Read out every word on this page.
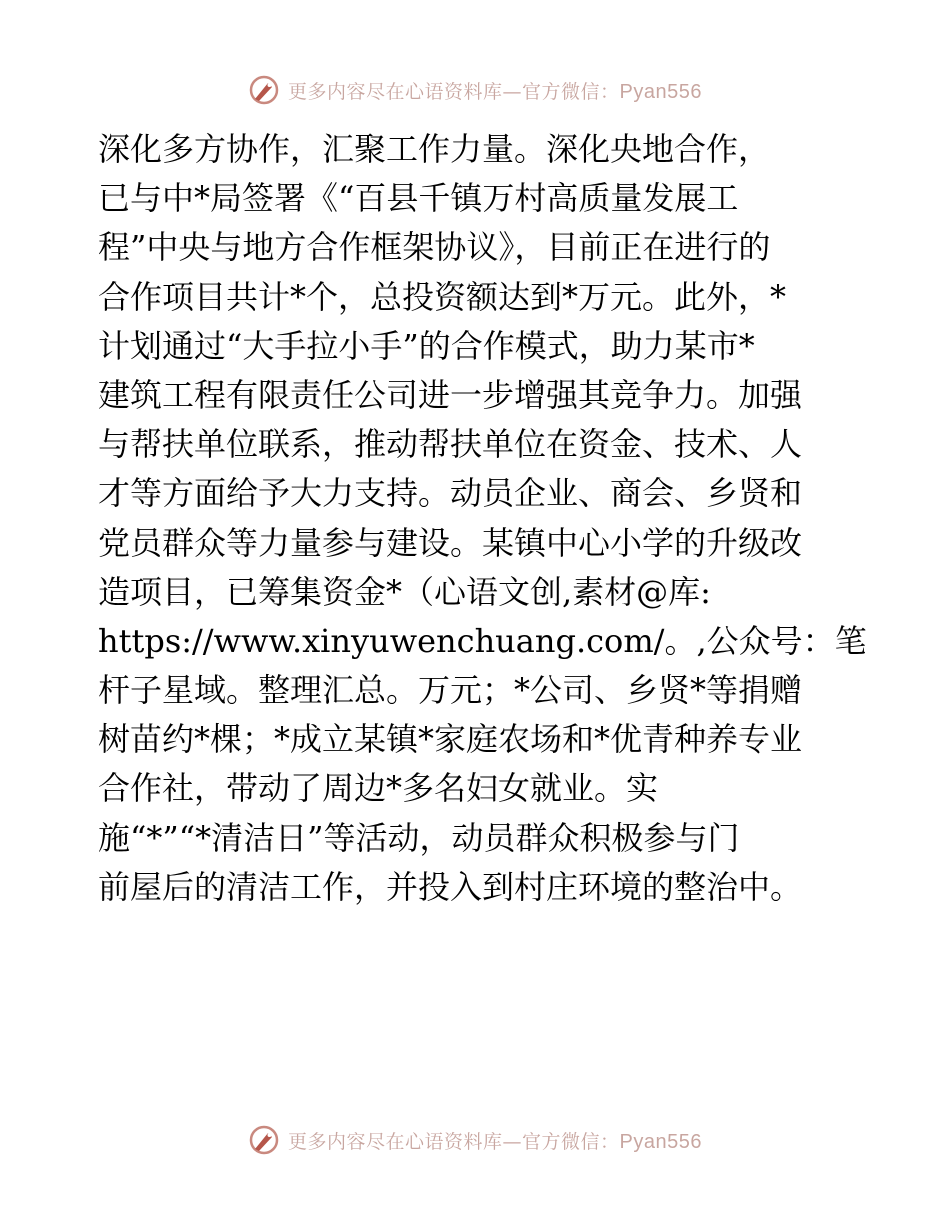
更多内容尽在心语资料库—官方微信：Pyan556
深化多方协作，汇聚工作力量。深化央地合作，
已与中*局签署《“百县千镇万村高质量发展工
程”中央与地方合作框架协议》，目前正在进行的
合作项目共计*个，总投资额达到*万元。此外，*
计划通过“大手拉小手”的合作模式，助力某市*
建筑工程有限责任公司进一步增强其竞争力。加强
与帮扶单位联系，推动帮扶单位在资金、技术、人
才等方面给予大力支持。动员企业、商会、乡贤和
党员群众等力量参与建设。某镇中心小学的升级改
造项目，已筹集资金*（心语文创,素材@库:
https://www.xinyuwenchuang.com/。,公众号：笔
杆子星域。整理汇总。万元；*公司、乡贤*等捐赠
树苗约*棵；*成立某镇*家庭农场和*优青种养专业
合作社，带动了周边*多名妇女就业。实
施“*”“*清洁日”等活动，动员群众积极参与门
前屋后的清洁工作，并投入到村庄环境的整治中。
更多内容尽在心语资料库—官方微信：Pyan556
